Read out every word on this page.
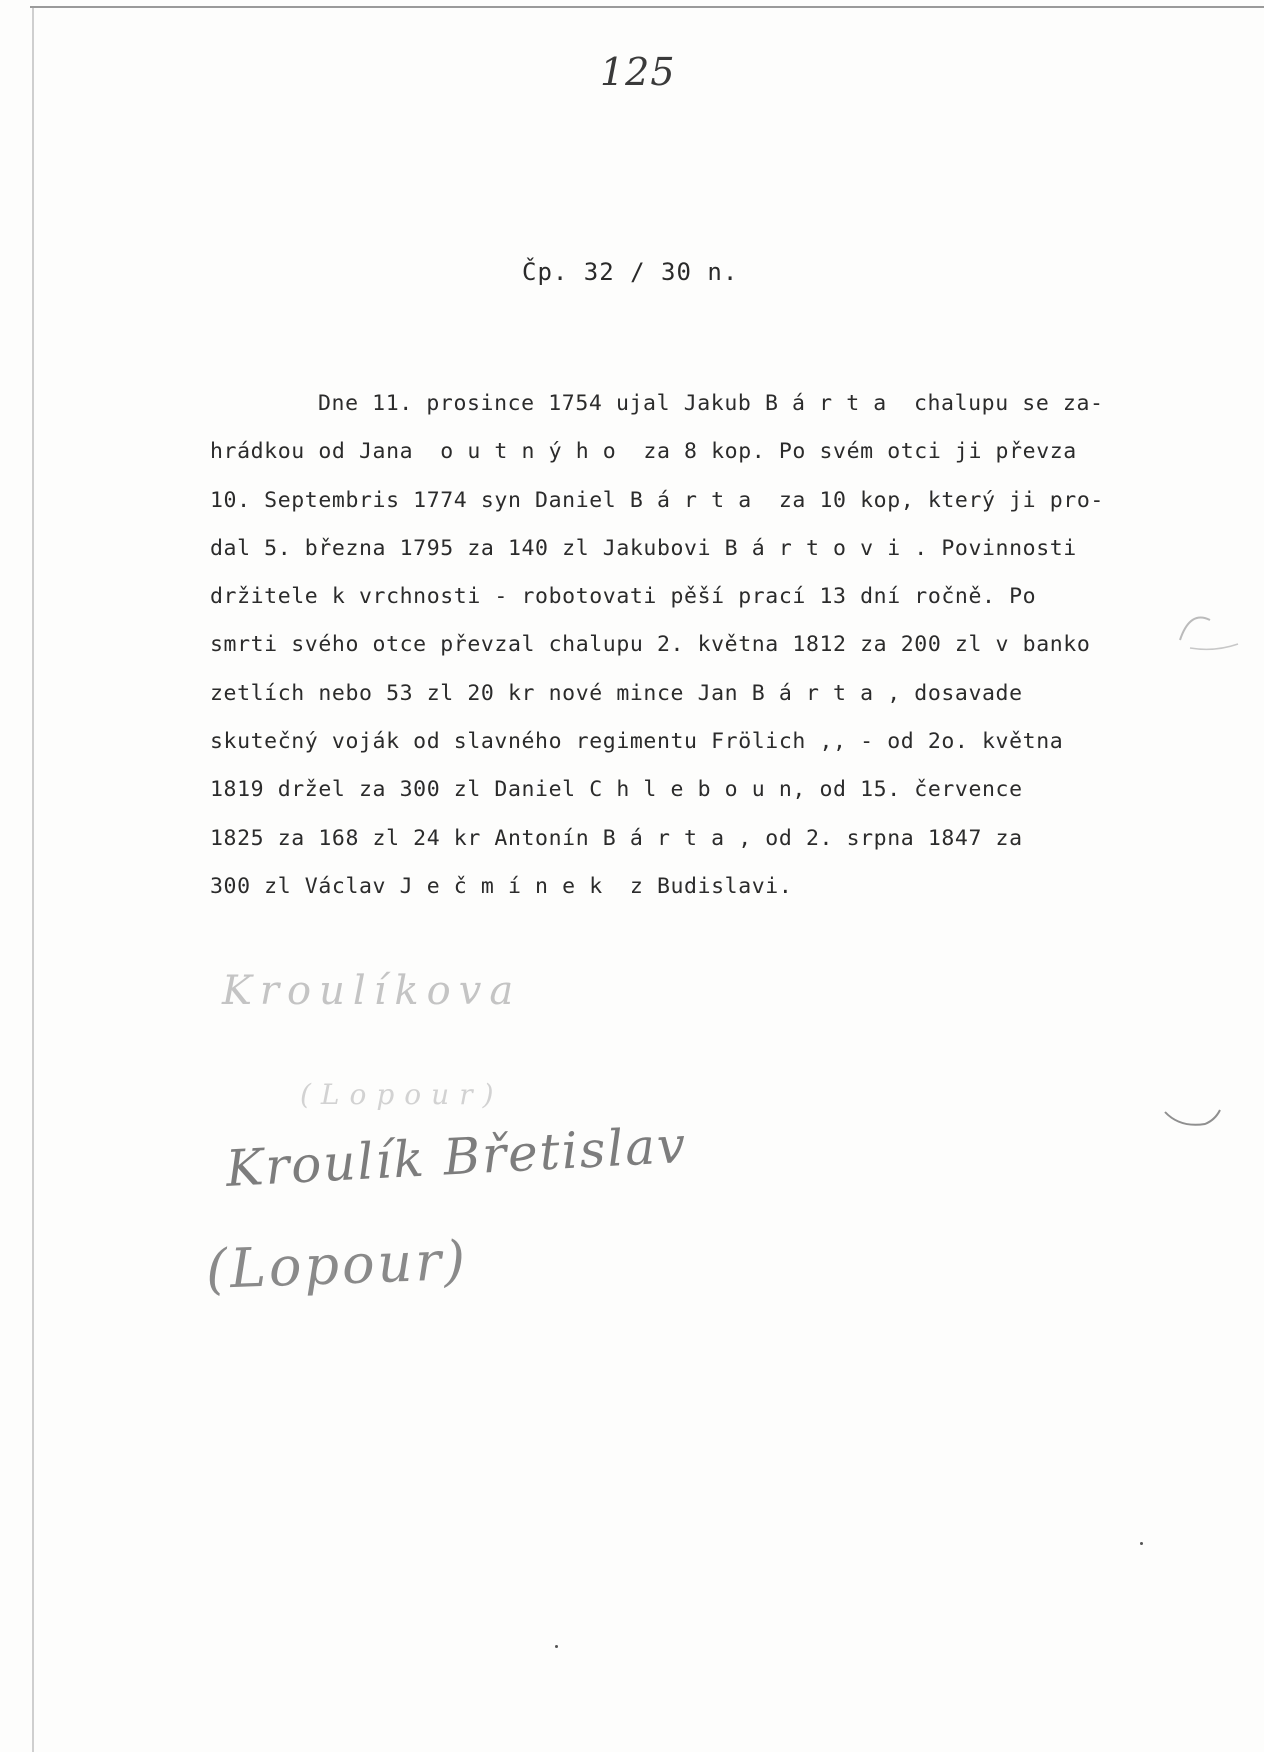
125
Čp. 32 / 30 n.
Dne 11. prosince 1754 ujal Jakub B á r t a  chalupu se za-
hrádkou od Jana  o u t n ý h o  za 8 kop. Po svém otci ji převza
10. Septembris 1774 syn Daniel B á r t a  za 10 kop, který ji pro-
dal 5. března 1795 za 140 zl Jakubovi B á r t o v i . Povinnosti
držitele k vrchnosti - robotovati pěší prací 13 dní ročně. Po
smrti svého otce převzal chalupu 2. května 1812 za 200 zl v banko
zetlích nebo 53 zl 20 kr nové mince Jan B á r t a , dosavade
skutečný voják od slavného regimentu Frölich ,, - od 2o. května
1819 držel za 300 zl Daniel C h l e b o u n, od 15. července
1825 za 168 zl 24 kr Antonín B á r t a , od 2. srpna 1847 za
300 zl Václav J e č m í n e k  z Budislavi.
Kroulíkova
(Lopour)
Kroulík Břetislav
(Lopour)
